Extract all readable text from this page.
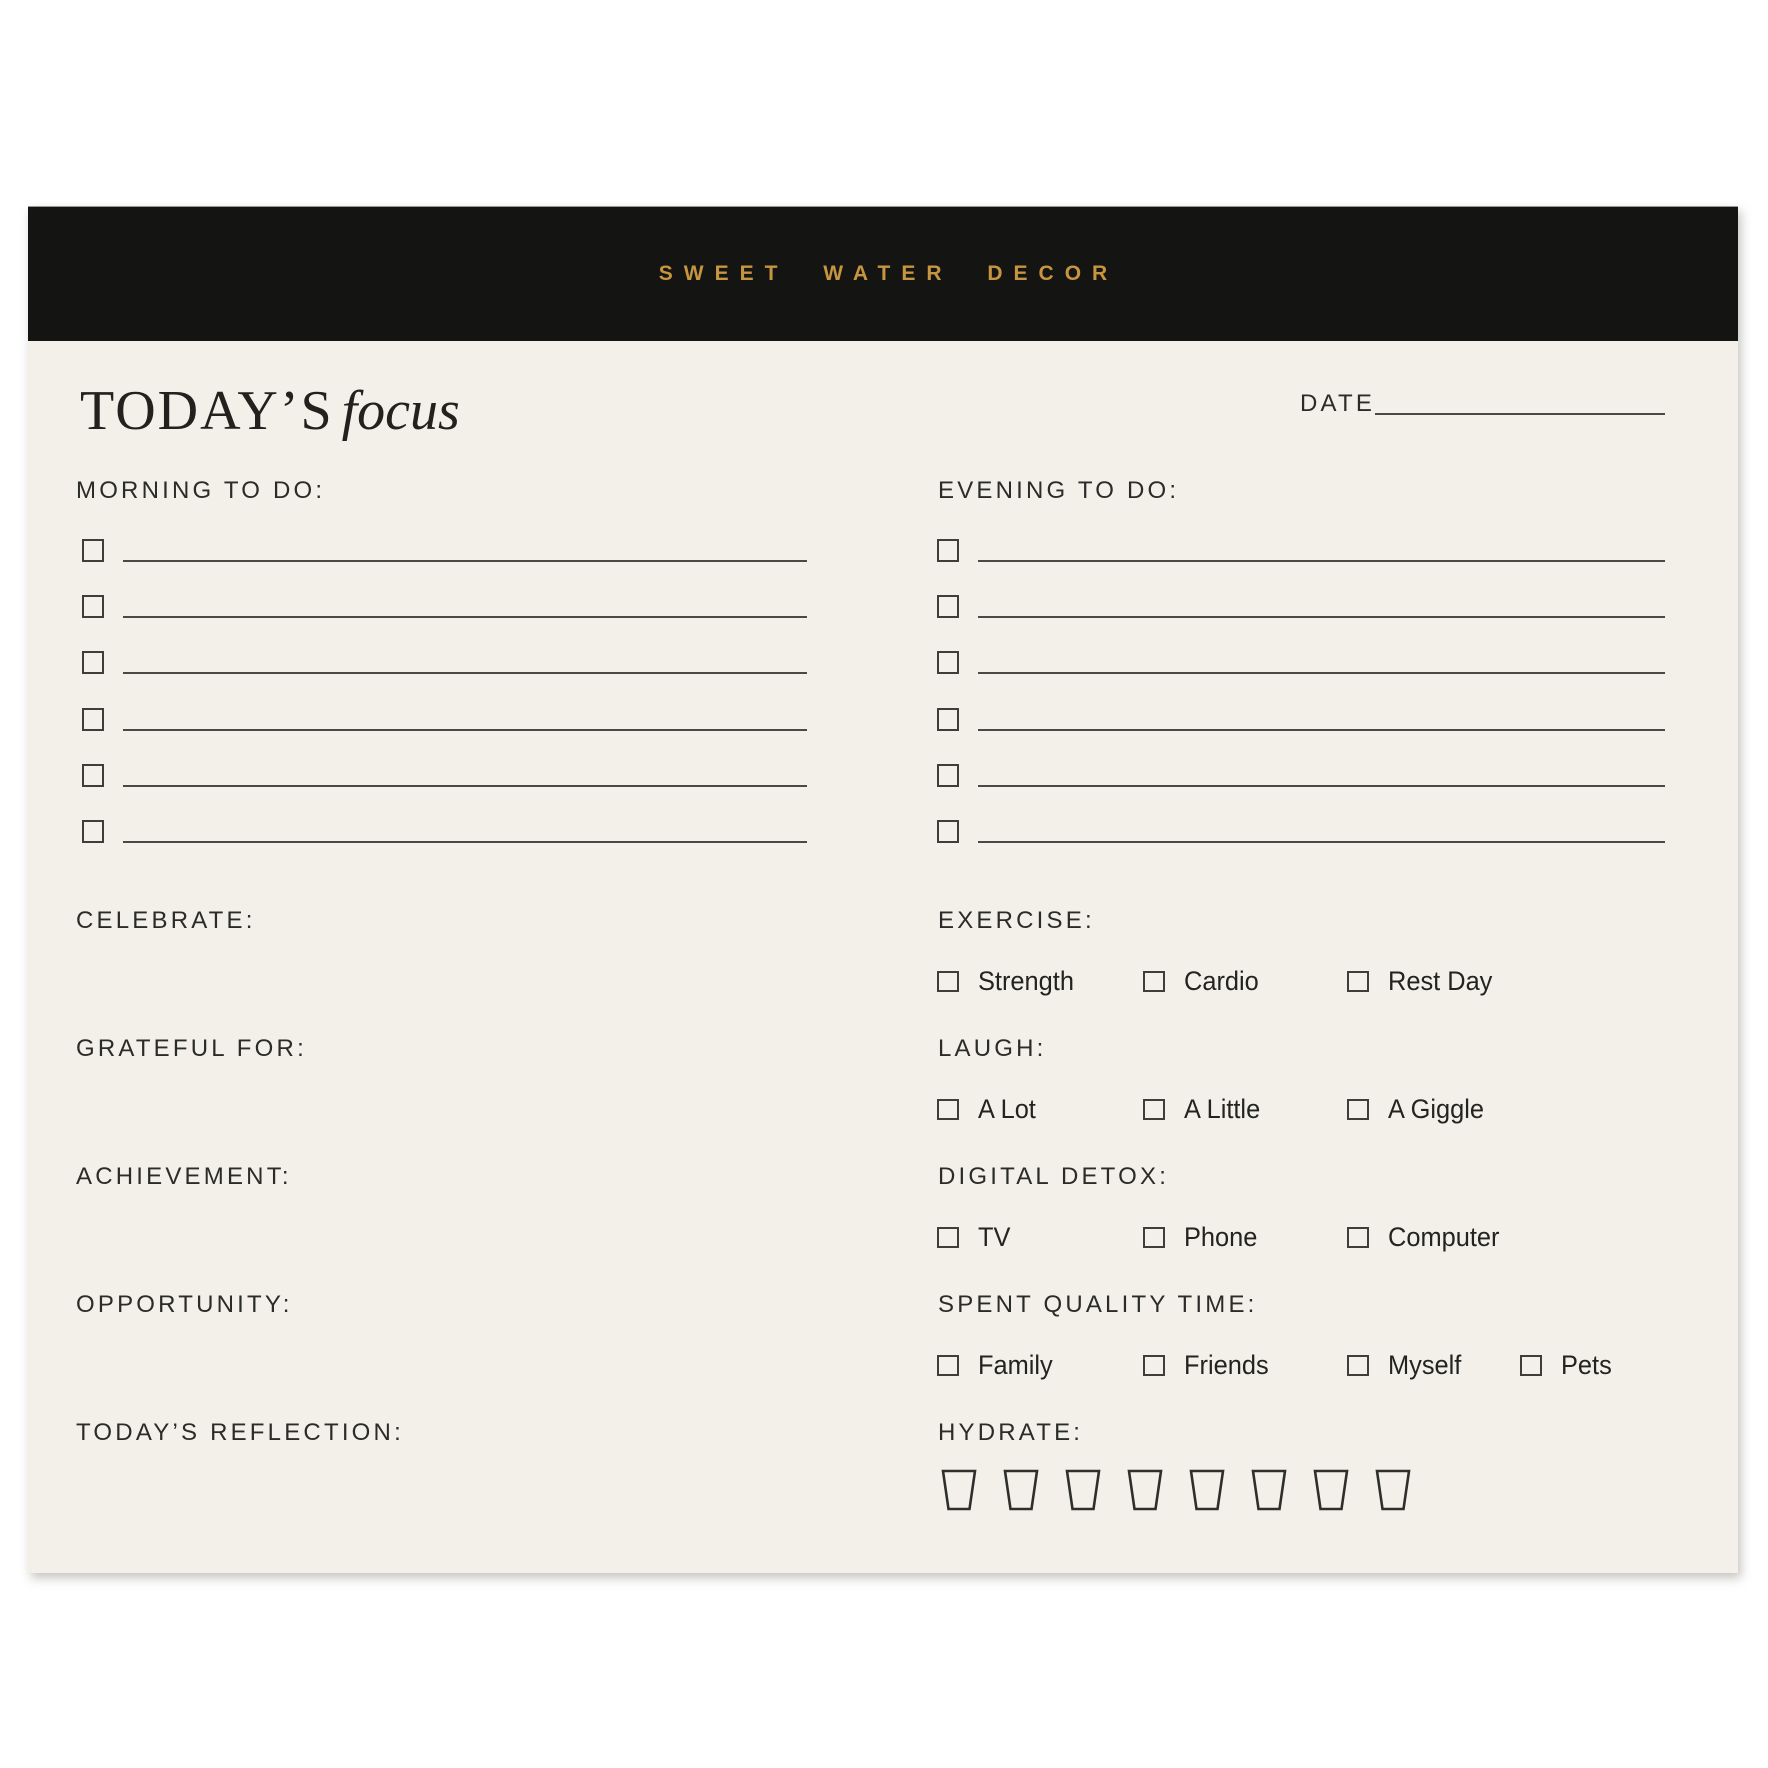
SWEET WATER DECOR
TODAY’S focus	DATE
MORNING TO DO:	EVENING TO DO:
CELEBRATE:
GRATEFUL FOR:
ACHIEVEMENT:
OPPORTUNITY:
TODAY’S REFLECTION:
EXERCISE:
Strength	Cardio	Rest Day
LAUGH:
A Lot	A Little	A Giggle
DIGITAL DETOX:
TV	Phone	Computer
SPENT QUALITY TIME:
Family	Friends	Myself	Pets
HYDRATE:
